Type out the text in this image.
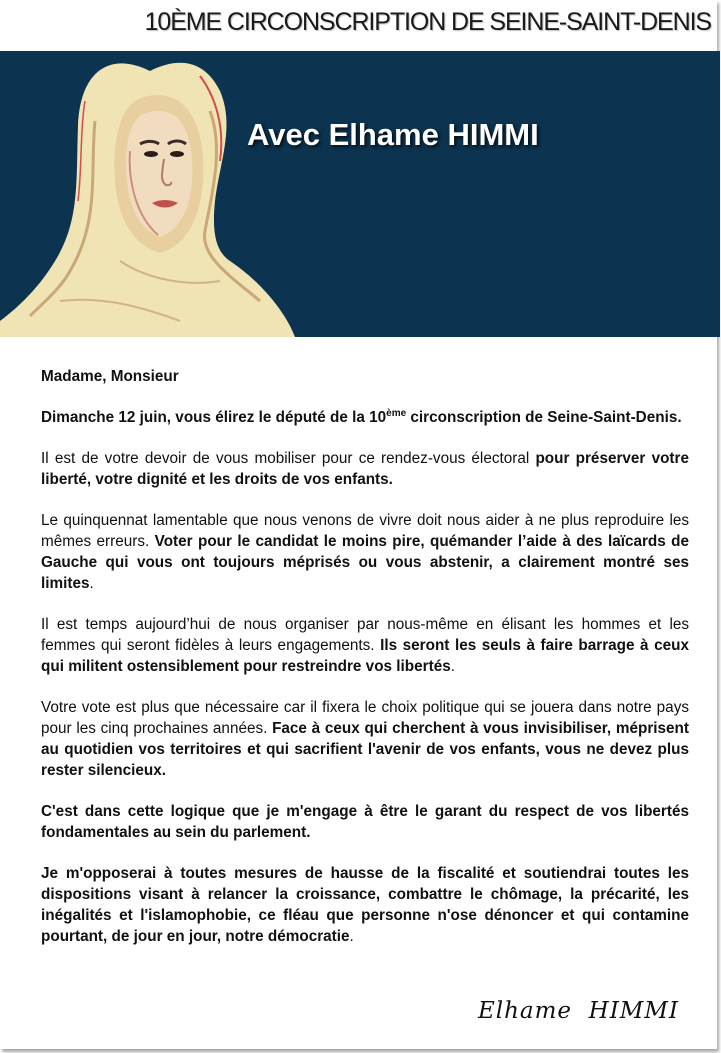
10ÈME CIRCONSCRIPTION DE SEINE-SAINT-DENIS
Avec Elhame HIMMI

Madame, Monsieur

Dimanche 12 juin, vous élirez le député de la 10ème circonscription de Seine-Saint-Denis.

Il est de votre devoir de vous mobiliser pour ce rendez-vous électoral pour préserver votre liberté, votre dignité et les droits de vos enfants.

Le quinquennat lamentable que nous venons de vivre doit nous aider à ne plus reproduire les mêmes erreurs. Voter pour le candidat le moins pire, quémander l’aide à des laïcards de Gauche qui vous ont toujours méprisés ou vous abstenir, a clairement montré ses limites.

Il est temps aujourd’hui de nous organiser par nous-même en élisant les hommes et les femmes qui seront fidèles à leurs engagements. Ils seront les seuls à faire barrage à ceux qui militent ostensiblement pour restreindre vos libertés.

Votre vote est plus que nécessaire car il fixera le choix politique qui se jouera dans notre pays pour les cinq prochaines années. Face à ceux qui cherchent à vous invisibiliser, méprisent au quotidien vos territoires et qui sacrifient l'avenir de vos enfants, vous ne devez plus rester silencieux.

C'est dans cette logique que je m'engage à être le garant du respect de vos libertés fondamentales au sein du parlement.

Je m'opposerai à toutes mesures de hausse de la fiscalité et soutiendrai toutes les dispositions visant à relancer la croissance, combattre le chômage, la précarité, les inégalités et l'islamophobie, ce fléau que personne n'ose dénoncer et qui contamine pourtant, de jour en jour, notre démocratie.

Elhame  HIMMI
